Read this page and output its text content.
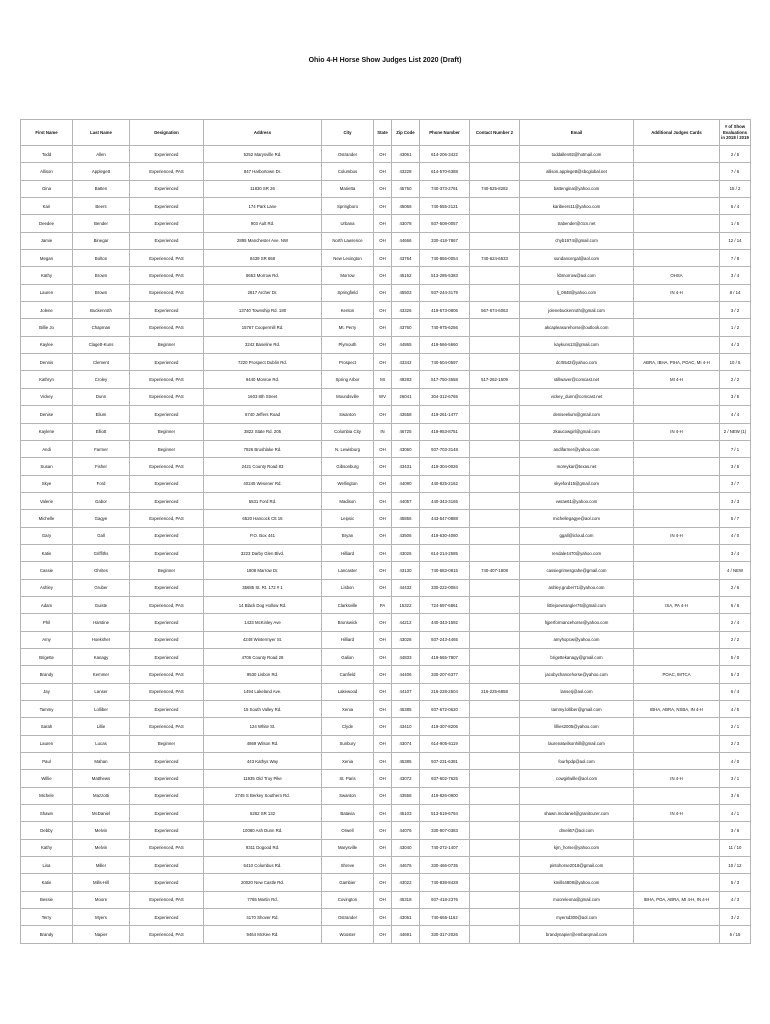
Ohio 4-H Horse Show Judges List 2020 (Draft)
First Name	Last Name	Designation	Address	City	State	Zip Code	Phone Number	Contact Number 2	Email	Additional Judges Cards	# of Show Evaluations in 2018 / 2019
Todd	Allen	Experienced	5252 Marysville Rd.	Ostrander	OH	43061	614-206-3422		toddallen92@hotmail.com		2 / 5
Allison	Applegett	Experienced, PAS	847 Harbortown Dr.	Columbus	OH	43228	614-570-6388		allison.applegett@sbcglobal.net		7 / 6
Gina	Batten	Experienced	11830 SR 26	Marietta	OH	45750	740-373-2761	740-525-8282	battengina@yahoo.com		15 / 2
Kari	Beers	Experienced	174 Park Lane	Springboro	OH	45066	740-555-2121		karibeers11@yahoo.com		6 / 4
Deedee	Bender	Experienced	903 Ault Rd.	Urbana	OH	43078	937-508-0057		trabender@ctcn.net		1 / 5
Jamie	Binegar	Experienced	2895 Manchester Ave. NW	North Lawrence	OH	44666	330-418-7867		chyb1974@gmail.com		12 / 14
Megan	Bolton	Experienced, PAS	8439 SR 668	New Lexington	OH	43764	740-856-0054	740-624-6633	sundancergal@aol.com		7 / 8
Kathy	Brown	Experienced, PAS	8653 Morrow Rd.	Morrow	OH	45152	513-285-5383		kbmorrow@aol.com	OHSA	3 / 4
Lauren	Brown	Experienced, PAS	2817 Archer Dr.	Springfield	OH	45503	937-244-3179		lj_0848@yahoo.com	IN 4-H	8 / 14
Jolene	Buckenroth	Experienced	13740 Township Rd. 180	Kenton	OH	43326	419-673-0806	567-674-6063	jolenebuckenroth@gmail.com		3 / 2
Billie Jo	Chapman	Experienced, PAS	15767 Coopermill Rd.	Mt. Perry	OH	43760	740-975-6256		akcapleasurehorse@outlook.com		1 / 2
Kaylee	Clagett-Kuns	Beginner	3242 Baseline Rd.	Plymouth	OH	44865	419-566-5660		kaykuns13@gmail.com		4 / 3
Dennis	Clement	Experienced	7220 Prospect Dublin Rd.	Prospect	OH	43342	740-504-0597		dcr5542@yahoo.com	ABRA, IBHA, PtHA, POAC, MI 4-H	10 / 5
Kathryn	Croley	Experienced, PAS	9440 Monroe Rd.	Spring Arbor	MI	49283	517-750-3558	517-262-1509	stillwaver@comcast.net	MI 4-H	2 / 2
Vickey	Dunn	Experienced, PAS	1603 8th Street	Moundsville	WV	26041	304-312-6765		vickey_dunn@comcast.net		3 / 5
Denise	Elium	Experienced	6740 Jeffers Road	Swanton	OH	43558	419-261-1477		deniseelium@gmail.com		4 / 4
Kaylene	Elliott	Beginner	3822 State Rd. 205	Columbia City	IN	46725	419-953-8751		2kaucowgirl@gmail.com	IN 4-H	2 / NEW (1)
Andi	Farmer	Beginner	7926 Brushlake Rd.	N. Lewisburg	OH	43060	937-703-3148		andifarmer@yahoo.com		7 / 1
Susan	Fisher	Experienced, PAS	2421 County Road 83	Gibsonburg	OH	43431	419-304-0026		moreykar@texas.net		3 / 5
Skye	Ford	Experienced	40245 Wesener Rd.	Wellington	OH	44090	440-825-2162		skyeford15@gmail.com		3 / 7
Valerie	Gabor	Experienced	5531 Ford Rd.	Madison	OH	44057	440-343-3165		vwrae61@yahoo.com		3 / 3
Michelle	Gagye	Experienced, PAS	6520 Hancock Ctt 16	Leipsic	OH	45856	443-547-0888		michellegagye@aol.com		5 / 7
Gary	Gall	Experienced	P.O. Box 441	Bryan	OH	43506	419-630-4080		ggall@icloud.com	IN 4-H	4 / 0
Katie	Griffiths	Experienced	3223 Darby Glen Blvd.	Hilliard	OH	43026	614-214-2585		rendale4470@yahoo.com		3 / 4
Cassie	Ghrites	Beginner	1808 Marrow Dr.	Lancaster	OH	43130	740-683-0815	740-407-1808	cassiegrimesgrahe@gmail.com		4 / NEW
Ashley	Gruber	Experienced	35685 St. Rt. 172 # 1	Lisbon	OH	44432	330-222-0084		ashley.gruber71@yahoo.com		2 / 6
Adam	Guiste	Experienced, PAS	14 Black Dog Hollow Rd.	Clarksville	PA	15322	724-597-6861		littlejoewrangler76@gmail.com	ISA, PA 4-H	6 / 6
Phil	Harstine	Experienced	1433 McKinley Ave	Brunswick	OH	44212	440-343-1592		hjperformancehorse@yahoo.com		2 / 4
Amy	Hoeksher	Experienced	4248 Wintermyer St.	Hilliard	OH	43026	937-243-4465		amyhopcw@yahoo.com		2 / 2
Brigette	Kanagy	Experienced	4706 County Road 28	Galion	OH	44833	419-565-7807		brigettekanagy@gmail.com		5 / 0
Brandy	Kemmer	Experienced, PAS	9530 Lisbon Rd.	Canfield	OH	44406	330-207-6377		jacobychancehorse@yahoo.com	POAC, IMTCA	5 / 3
Jay	Lanser	Experienced, PAS	1494 Lakeland Ave.	Lakewood	OH	44107	216-228-2504	216-225-6858	lanserj@aol.com		6 / 4
Tammy	Lolliber	Experienced	15 South Valley Rd.	Xenia	OH	45385	937-672-0620		tammy.lolliber@gmail.com	IBHA, ABRA, NSBA, IN 4-H	4 / 5
Sarah	Lillie	Experienced, PAS	124 White St.	Clyde	OH	43410	419-307-8206		lillies2005@yahoo.com		2 / 1
Lauren	Lucas	Beginner	4869 Wilson Rd.	Sunbury	OH	43074	614-905-6119		laurenatwilsonhill@gmail.com		2 / 3
Paul	Mahan	Experienced	443 Kathys Way	Xenia	OH	45385	937-231-6381		fourhpdp@aol.com		4 / 0
Willie	Matthews	Experienced	11935 Old Troy Pike	St. Paris	OH	43072	937-602-7625		cowgirlwille@aol.com	IN 4-H	3 / 1
Michele	Mazzotti	Experienced	2745 S Berkey Southern Rd.	Swanton	OH	43558	419-826-0900				3 / 6
Shawn	McDaniel	Experienced	5262 SR 132	Batavia	OH	45103	513-519-6794		shawn.mcdaniel@granitcurer.com	IN 4-H	4 / 1
Debby	Melvin	Experienced	10080 Ash Dunn Rd.	Orwell	OH	44076	330-907-0383		dmeli67@aol.com		3 / 6
Kathy	Melvin	Experienced, PAS	9311 Dogood Rd.	Marysville	OH	43040	740-272-1407		kjm_horse@yahoo.com		11 / 10
Lisa	Miller	Experienced	6410 Columbus Rd.	Shreve	OH	44676	330-466-0735		pintohorse2018@gmail.com		10 / 12
Katie	Mills-Hill	Experienced	20020 New Castle Rd.	Gambier	OH	43022	740-838-8428		kmills4808@yahoo.com		5 / 3
Bessie	Moore	Experienced, PAS	7765 Martin Rd.	Covington	OH	45318	937-418-2376		mooreleona@gmail.com	IBHA, POA, ABRA, MI 4-H, IN 4-H	4 / 3
Terry	Myers	Experienced	4170 Shover Rd.	Ostrander	OH	43061	740-666-1162		myersd300@aol.com		3 / 2
Brandy	Napier	Experienced, PAS	9464 McKee Rd.	Wooster	OH	44691	330-317-2026		brandynapier@embarqmail.com		5 / 15
